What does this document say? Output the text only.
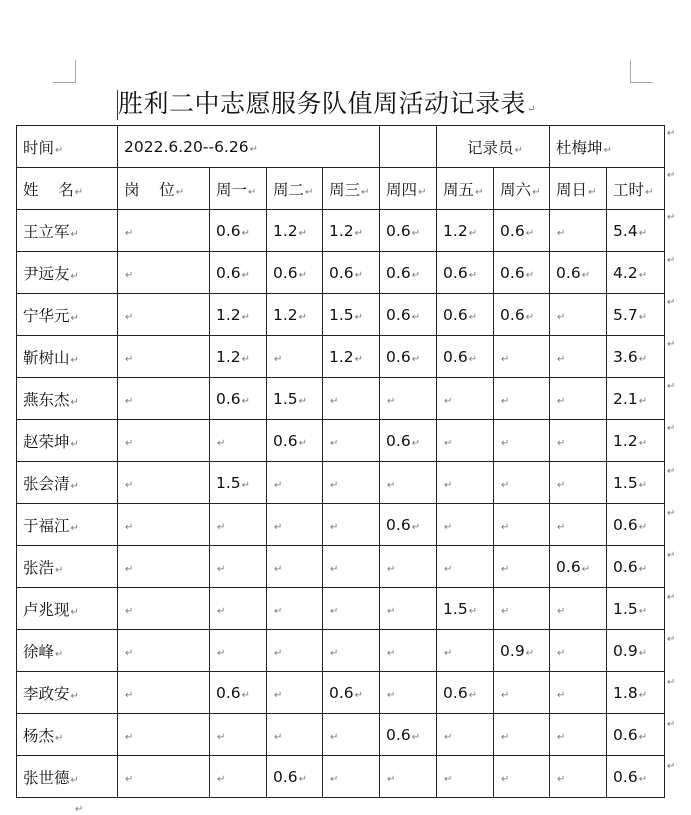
胜利二中志愿服务队值周活动记录表↵
时间↵	2022.6.20--6.26↵					记录员↵		杜梅坤↵	
姓    名↵	岗    位↵	周一↵	周二↵	周三↵	周四↵	周五↵	周六↵	周日↵	工时↵
王立军↵	↵	0.6↵	1.2↵	1.2↵	0.6↵	1.2↵	0.6↵	↵	5.4↵
尹远友↵	↵	0.6↵	0.6↵	0.6↵	0.6↵	0.6↵	0.6↵	0.6↵	4.2↵
宁华元↵	↵	1.2↵	1.2↵	1.5↵	0.6↵	0.6↵	0.6↵	↵	5.7↵
靳树山↵	↵	1.2↵	↵	1.2↵	0.6↵	0.6↵	↵	↵	3.6↵
燕东杰↵	↵	0.6↵	1.5↵	↵	↵	↵	↵	↵	2.1↵
赵荣坤↵	↵	↵	0.6↵	↵	0.6↵	↵	↵	↵	1.2↵
张会清↵	↵	1.5↵	↵	↵	↵	↵	↵	↵	1.5↵
于福江↵	↵	↵	↵	↵	0.6↵	↵	↵	↵	0.6↵
张浩↵	↵	↵	↵	↵	↵	↵	↵	0.6↵	0.6↵
卢兆现↵	↵	↵	↵	↵	↵	1.5↵	↵	↵	1.5↵
徐峰↵	↵	↵	↵	↵	↵	↵	0.9↵	↵	0.9↵
李政安↵	↵	0.6↵	↵	0.6↵	↵	0.6↵	↵	↵	1.8↵
杨杰↵	↵	↵	↵	↵	0.6↵	↵	↵	↵	0.6↵
张世德↵	↵	↵	0.6↵	↵	↵	↵	↵	↵	0.6↵
↵
↵
↵
↵
↵
↵
↵
↵
↵
↵
↵
↵
↵
↵
↵
↵
↵
